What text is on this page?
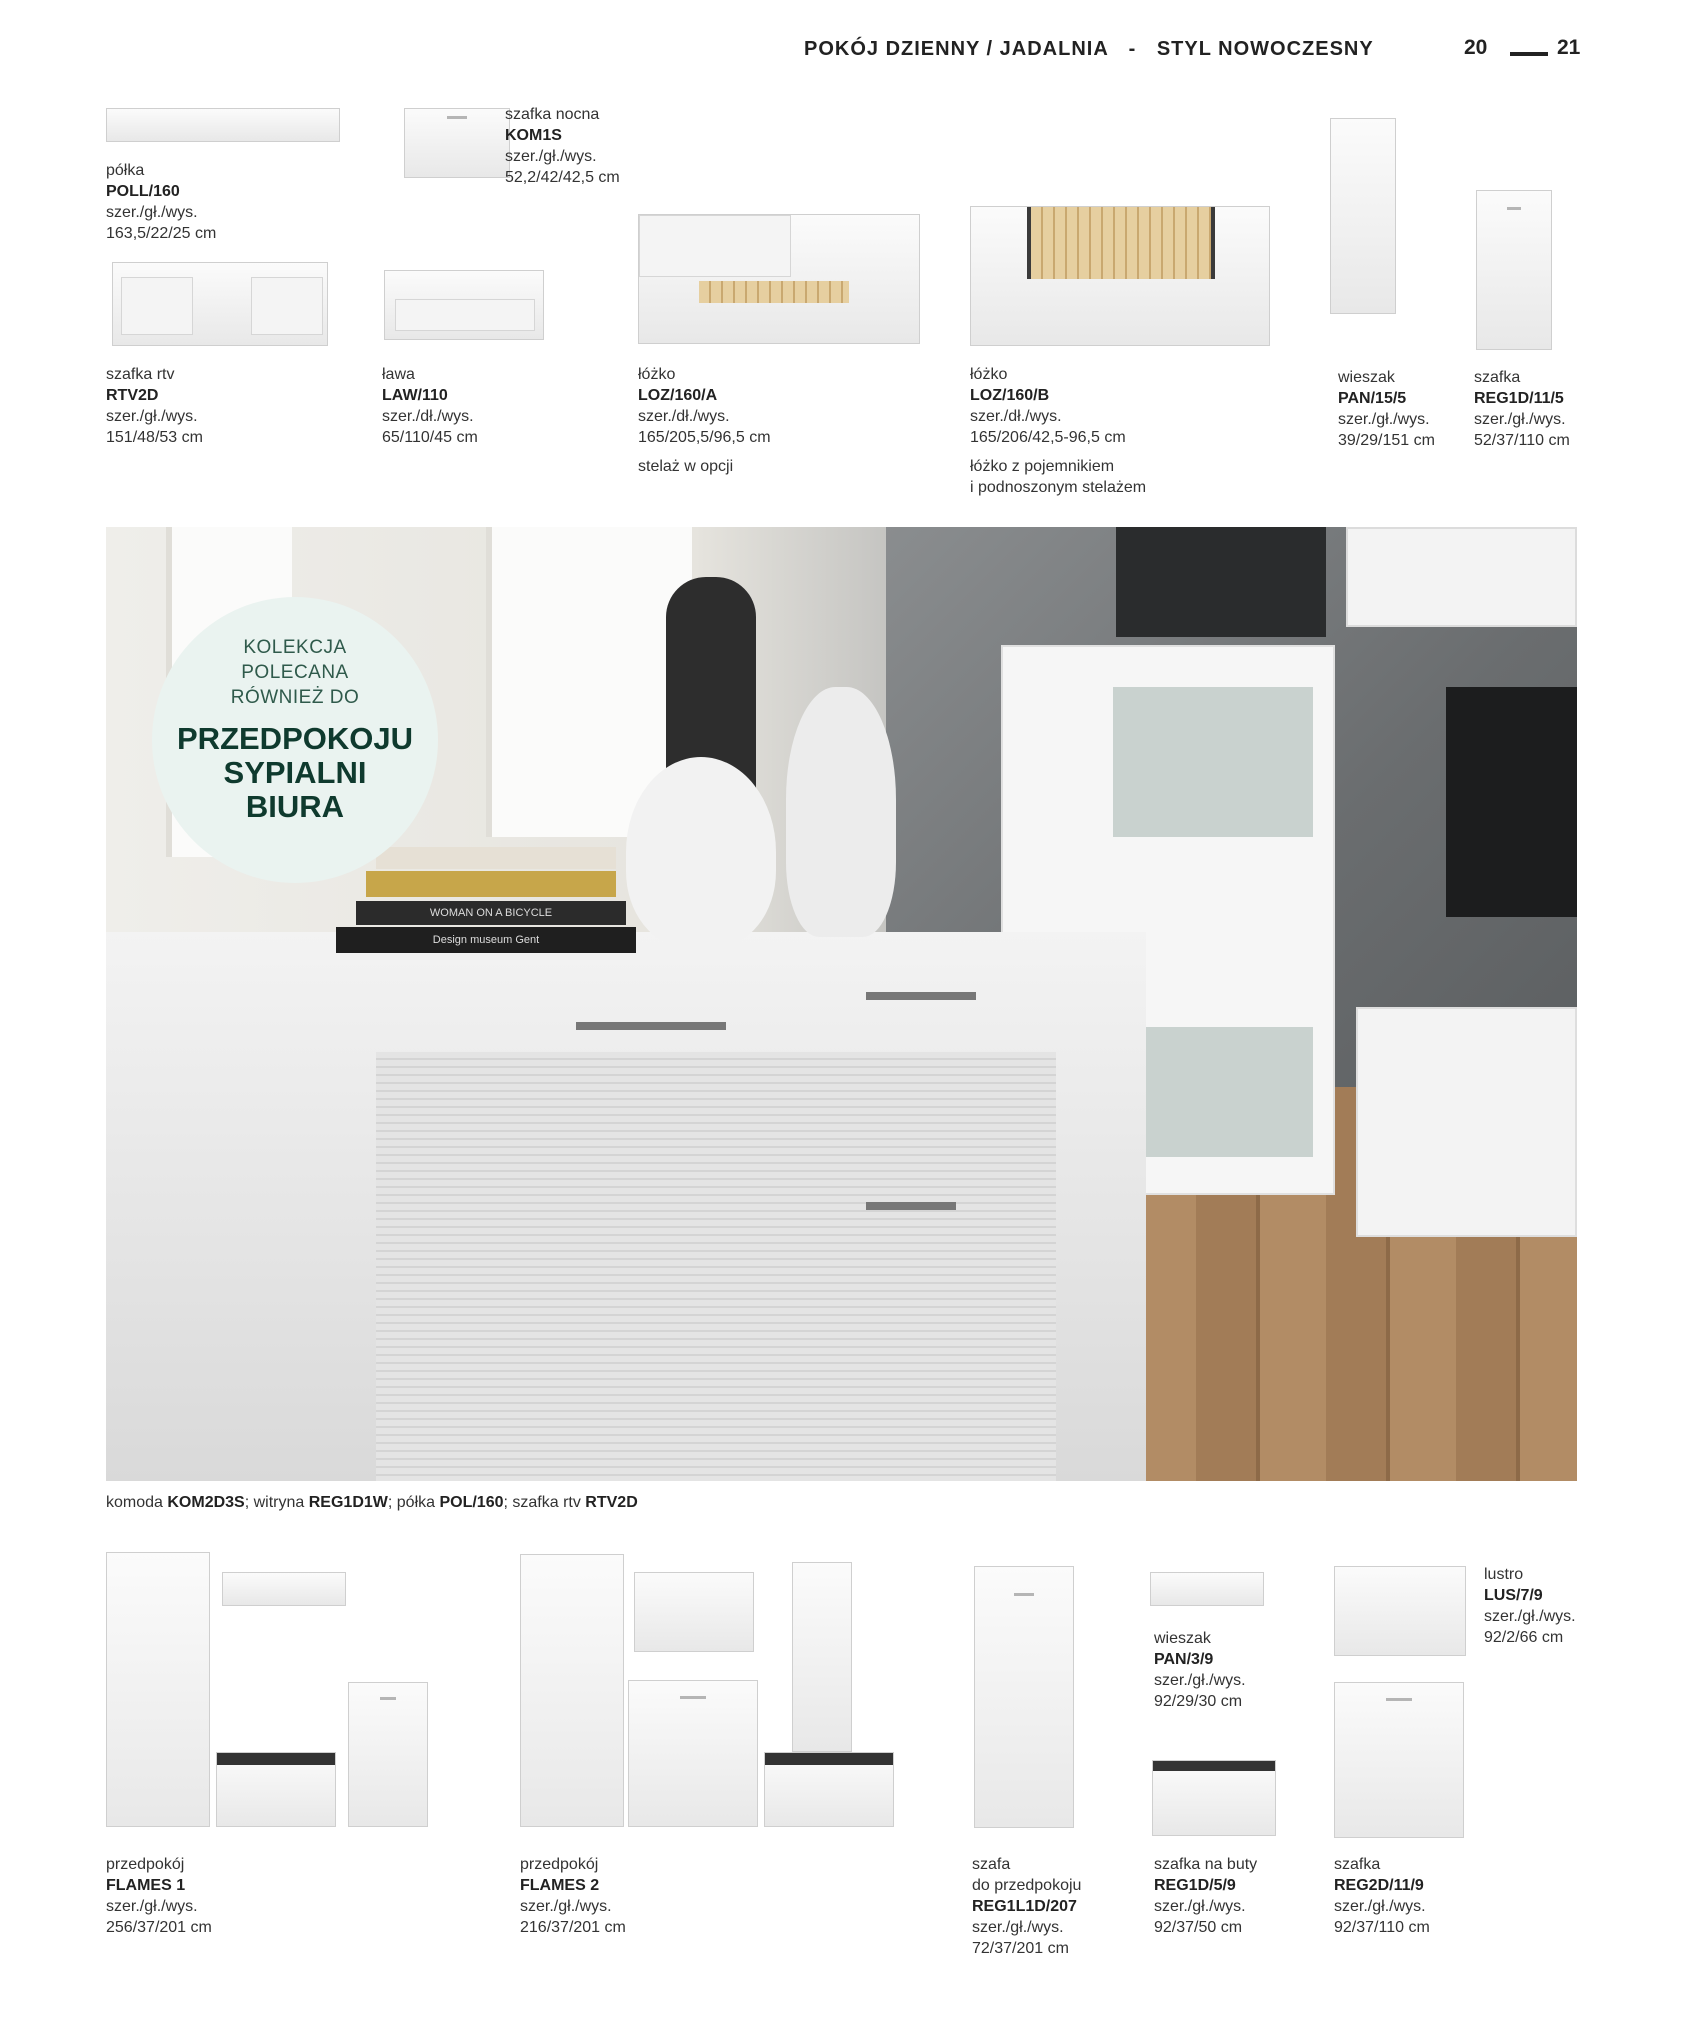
POKÓJ DZIENNY / JADALNIA - STYL NOWOCZESNY	20	21
półka
POLL/160
szer./gł./wys.
163,5/22/25 cm
szafka nocna
KOM1S
szer./gł./wys.
52,2/42/42,5 cm
szafka rtv
RTV2D
szer./gł./wys.
151/48/53 cm
ława
LAW/110
szer./dł./wys.
65/110/45 cm
łóżko
LOZ/160/A
szer./dł./wys.
165/205,5/96,5 cm
stelaż w opcji
łóżko
LOZ/160/B
szer./dł./wys.
165/206/42,5-96,5 cm
łóżko z pojemnikiem
i podnoszonym stelażem
wieszak
PAN/15/5
szer./gł./wys.
39/29/151 cm
szafka
REG1D/11/5
szer./gł./wys.
52/37/110 cm
WOMAN ON A BICYCLE
Design museum Gent
KOLEKCJA
POLECANA
RÓWNIEŻ DO
PRZEDPOKOJU
SYPIALNI
BIURA
komoda KOM2D3S; witryna REG1D1W; półka POL/160; szafka rtv RTV2D
przedpokój
FLAMES 1
szer./gł./wys.
256/37/201 cm
przedpokój
FLAMES 2
szer./gł./wys.
216/37/201 cm
szafa
do przedpokoju
REG1L1D/207
szer./gł./wys.
72/37/201 cm
wieszak
PAN/3/9
szer./gł./wys.
92/29/30 cm
szafka na buty
REG1D/5/9
szer./gł./wys.
92/37/50 cm
lustro
LUS/7/9
szer./gł./wys.
92/2/66 cm
szafka
REG2D/11/9
szer./gł./wys.
92/37/110 cm
